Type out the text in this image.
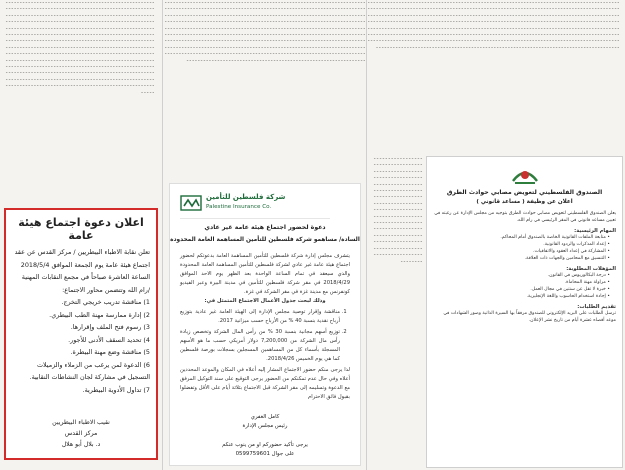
ـ ـ ـ ـ ـ ـ ـ ـ ـ ـ ـ ـ ـ ـ ـ ـ ـ ـ ـ ـ ـ ـ ـ ـ ـ ـ ـ ـ ـ ـ ـ ـ ـ ـ ـ ـ ـ ـ ـ ـ ـ ـ ـ ـ ـ ـ ـ ـ ـ ـ ـ ـ ـ ـ ـ ـ ـ ـ ـ ـ ـ ـ ـ ـ ـ ـ ـ ـ ـ ـ ـ ـ ـ ـ ـ ـ ـ ـ ـ ـ ـ ـ ـ ـ ـ ـ ـ ـ ـ ـ ـ ـ ـ ـ ـ ـ ـ ـ ـ ـ ـ ـ ـ ـ ـ ـ ـ ـ ـ ـ ـ ـ ـ ـ ـ ـ ـ ـ ـ ـ ـ ـ ـ ـ ـ ـ ـ ـ ـ ـ ـ ـ ـ ـ ـ ـ ـ ـ ـ ـ ـ ـ ـ ـ ـ ـ ـ ـ ـ ـ ـ ـ ـ ـ ـ ـ ـ ـ ـ ـ ـ ـ ـ ـ ـ ـ ـ ـ ـ ـ ـ ـ ـ ـ ـ ـ ـ ـ ـ ـ ـ ـ ـ ـ ـ ـ ـ ـ ـ ـ ـ ـ ـ ـ ـ ـ ـ ـ ـ ـ ـ ـ ـ ـ ـ ـ ـ ـ ـ ـ ـ ـ ـ ـ ـ ـ ـ ـ ـ ـ ـ ـ ـ ـ ـ ـ ـ ـ ـ ـ ـ ـ ـ ـ ـ ـ ـ ـ ـ ـ ـ ـ ـ ـ ـ ـ ـ ـ ـ ـ ـ ـ ـ ـ ـ ـ ـ ـ ـ ـ ـ ـ ـ ـ ـ ـ ـ ـ ـ ـ ـ ـ ـ ـ ـ ـ ـ ـ ـ ـ ـ ـ ـ ـ ـ ـ ـ ـ ـ ـ ـ ـ ـ ـ ـ ـ ـ ـ ـ ـ ـ ـ ـ ـ ـ ـ ـ ـ ـ ـ ـ ـ ـ ـ ـ ـ ـ ـ ـ ـ ـ ـ ـ ـ ـ ـ ـ ـ ـ ـ ـ ـ ـ ـ ـ ـ ـ ـ ـ ـ ـ ـ ـ ـ ـ ـ ـ ـ ـ ـ ـ ـ ـ ـ ـ ـ ـ ـ ـ ـ ـ ـ ـ ـ ـ ـ ـ ـ ـ ـ ـ ـ ـ ـ ـ ـ ـ ـ ـ ـ ـ ـ ـ ـ ـ ـ ـ ـ ـ ـ ـ ـ ـ ـ ـ ـ ـ ـ ـ ـ ـ ـ ـ ـ ـ ـ ـ ـ ـ ـ ـ ـ ـ ـ ـ ـ ـ ـ ـ ـ ـ ـ ـ ـ ـ ـ ـ ـ ـ ـ ـ ـ ـ ـ ـ ـ ـ ـ ـ ـ ـ ـ ـ ـ ـ ـ ـ ـ ـ ـ ـ ـ ـ ـ ـ ـ ـ ـ ـ ـ ـ ـ ـ ـ ـ ـ ـ ـ ـ ـ ـ ـ ـ ـ ـ ـ ـ ـ ـ ـ ـ ـ ـ ـ ـ ـ ـ ـ ـ ـ ـ ـ ـ ـ ـ ـ ـ ـ ـ ـ ـ ـ ـ ـ ـ ـ ـ ـ ـ ـ ـ ـ ـ ـ ـ ـ ـ ـ ـ ـ ـ ـ ـ ـ ـ ـ ـ ـ ـ ـ ـ ـ ـ ـ ـ ـ ـ ـ ـ ـ ـ ـ ـ ـ ـ ـ ـ ـ ـ ـ ـ ـ ـ ـ ـ ـ ـ ـ ـ ـ ـ ـ ـ ـ ـ ـ ـ ـ ـ ـ ـ ـ ـ ـ ـ ـ ـ ـ ـ ـ ـ ـ ـ ـ ـ ـ ـ ـ ـ ـ ـ ـ ـ ـ ـ ـ ـ ـ ـ ـ ـ ـ ـ ـ ـ ـ ـ ـ ـ ـ ـ ـ ـ ـ ـ ـ ـ ـ ـ ـ ـ ـ ـ ـ ـ ـ ـ ـ ـ ـ ـ ـ ـ ـ ـ ـ ـ ـ ـ ـ ـ ـ ـ ـ ـ ـ ـ ـ ـ ـ ـ ـ ـ ـ ـ ـ ـ ـ ـ ـ ـ ـ ـ ـ ـ ـ ـ ـ ـ ـ ـ ـ ـ ـ ـ ـ ـ ـ ـ ـ ـ ـ ـ ـ ـ ـ ـ ـ ـ ـ ـ ـ ـ ـ ـ ـ ـ ـ ـ ـ ـ ـ ـ ـ ـ ـ ـ ـ ـ ـ

ـ ـ ـ ـ ـ ـ ـ ـ ـ ـ ـ ـ ـ ـ ـ ـ ـ ـ ـ ـ ـ ـ ـ ـ ـ ـ ـ ـ ـ ـ ـ ـ ـ ـ ـ ـ ـ ـ ـ ـ ـ ـ ـ ـ ـ ـ ـ ـ ـ ـ ـ ـ ـ ـ ـ ـ ـ ـ ـ ـ ـ ـ ـ ـ ـ ـ ـ ـ ـ ـ ـ ـ ـ ـ ـ ـ ـ ـ ـ ـ ـ ـ ـ ـ ـ ـ ـ ـ ـ ـ ـ ـ ـ ـ ـ ـ ـ ـ ـ ـ ـ ـ ـ ـ ـ ـ ـ ـ ـ ـ ـ ـ ـ ـ ـ ـ ـ ـ ـ ـ ـ ـ ـ ـ ـ ـ ـ ـ ـ ـ ـ ـ ـ ـ ـ ـ ـ ـ ـ ـ ـ ـ ـ ـ ـ ـ ـ ـ ـ ـ ـ ـ ـ ـ ـ ـ ـ ـ ـ ـ ـ ـ ـ ـ ـ ـ ـ ـ ـ ـ ـ ـ ـ ـ ـ ـ ـ ـ ـ ـ ـ ـ ـ ـ ـ ـ ـ ـ ـ ـ ـ ـ ـ ـ ـ ـ ـ ـ ـ ـ ـ ـ ـ ـ ـ ـ ـ ـ ـ ـ ـ ـ ـ ـ ـ ـ ـ ـ ـ ـ ـ ـ ـ ـ ـ ـ ـ ـ ـ ـ ـ ـ ـ ـ ـ ـ ـ ـ ـ ـ ـ ـ ـ ـ ـ ـ ـ ـ ـ ـ ـ ـ ـ ـ ـ ـ ـ ـ ـ ـ ـ ـ ـ ـ ـ ـ ـ ـ ـ ـ ـ ـ ـ ـ ـ ـ ـ ـ ـ ـ

الصندوق الفلسطيني لتعويض مصابي حوادث الطرق
اعلان عن وظيفة ( مساعد قانوني )
يعلن الصندوق الفلسطيني لتعويض مصابي حوادث الطرق بتوجيه من مجلس الإدارة عن رغبته في تعيين مساعد قانوني في المقر الرئيسي في رام الله.
المهام الرئيسية:
• متابعة الملفات القانونية الخاصة بالصندوق أمام المحاكم.
• إعداد المذكرات والردود القانونية.
• المشاركة في إعداد العقود والاتفاقيات.
• التنسيق مع المحامين والجهات ذات العلاقة.
المؤهلات المطلوبة:
• درجة البكالوريوس في القانون.
• مزاولة مهنة المحاماة.
• خبرة لا تقل عن سنتين في مجال العمل.
• إجادة استخدام الحاسوب واللغة الإنجليزية.
تقديم الطلبات:
ترسل الطلبات على البريد الإلكتروني للصندوق مرفقاً بها السيرة الذاتية وصور الشهادات في موعد أقصاه عشرة أيام من تاريخ نشر الإعلان.

ـ ـ ـ ـ ـ ـ ـ ـ ـ ـ ـ ـ ـ ـ ـ ـ ـ ـ ـ ـ ـ ـ ـ ـ ـ ـ ـ ـ ـ ـ ـ ـ ـ ـ ـ ـ ـ ـ ـ ـ ـ ـ ـ ـ ـ ـ ـ ـ ـ ـ ـ ـ ـ ـ ـ ـ ـ ـ ـ ـ ـ ـ ـ ـ ـ ـ ـ ـ ـ ـ ـ ـ ـ ـ ـ ـ ـ ـ ـ ـ ـ ـ ـ ـ ـ ـ ـ ـ ـ ـ ـ ـ ـ ـ ـ ـ ـ ـ ـ ـ ـ ـ ـ ـ ـ ـ ـ ـ ـ ـ ـ ـ ـ ـ ـ ـ ـ ـ ـ ـ ـ ـ ـ ـ ـ ـ ـ ـ ـ ـ ـ ـ ـ ـ ـ ـ ـ ـ ـ ـ ـ ـ ـ ـ ـ ـ ـ ـ ـ ـ ـ ـ ـ ـ ـ ـ ـ ـ ـ ـ ـ ـ ـ ـ ـ ـ ـ ـ ـ ـ ـ ـ ـ ـ ـ ـ ـ ـ ـ ـ ـ ـ ـ ـ ـ ـ ـ ـ ـ ـ ـ ـ ـ ـ ـ ـ ـ ـ ـ ـ ـ ـ ـ ـ ـ ـ ـ ـ ـ ـ ـ ـ ـ ـ ـ ـ ـ ـ ـ ـ ـ ـ ـ ـ ـ ـ ـ ـ ـ ـ ـ ـ ـ ـ ـ ـ ـ ـ ـ ـ ـ ـ ـ ـ ـ ـ ـ ـ ـ ـ ـ ـ ـ ـ ـ ـ ـ ـ ـ ـ ـ ـ ـ ـ ـ ـ ـ ـ ـ ـ ـ ـ ـ ـ ـ ـ ـ ـ ـ ـ ـ ـ ـ ـ ـ ـ ـ ـ ـ ـ ـ ـ ـ ـ ـ ـ ـ ـ ـ ـ ـ ـ ـ ـ ـ ـ ـ ـ ـ ـ ـ ـ ـ ـ ـ ـ ـ ـ ـ ـ ـ ـ ـ ـ ـ ـ ـ ـ ـ ـ ـ ـ ـ ـ ـ ـ ـ ـ ـ ـ ـ ـ ـ ـ ـ ـ ـ ـ ـ ـ ـ ـ ـ ـ ـ ـ ـ ـ ـ ـ ـ ـ ـ ـ ـ ـ ـ ـ ـ ـ ـ ـ ـ ـ ـ ـ ـ ـ ـ ـ ـ ـ ـ ـ ـ ـ ـ ـ ـ ـ ـ ـ ـ ـ ـ ـ ـ ـ ـ ـ ـ ـ ـ ـ ـ ـ ـ ـ ـ ـ ـ ـ ـ ـ ـ ـ ـ ـ ـ ـ ـ ـ ـ ـ ـ ـ ـ ـ ـ ـ ـ ـ ـ ـ ـ ـ ـ ـ ـ ـ ـ ـ ـ ـ ـ ـ ـ ـ ـ ـ ـ ـ ـ ـ ـ ـ ـ ـ ـ ـ ـ ـ ـ ـ ـ ـ ـ ـ ـ ـ ـ ـ ـ ـ ـ ـ ـ ـ ـ ـ ـ ـ ـ ـ ـ ـ ـ ـ ـ ـ ـ ـ ـ ـ ـ ـ ـ ـ ـ ـ ـ ـ ـ ـ ـ ـ ـ ـ ـ ـ ـ ـ ـ ـ ـ ـ ـ ـ ـ ـ ـ ـ ـ ـ ـ ـ ـ ـ ـ ـ ـ ـ ـ ـ ـ ـ ـ ـ ـ ـ ـ ـ ـ ـ ـ ـ ـ ـ ـ ـ ـ ـ ـ ـ ـ ـ ـ ـ ـ ـ ـ ـ ـ ـ ـ ـ ـ ـ ـ ـ ـ ـ ـ ـ ـ ـ ـ ـ ـ ـ ـ ـ ـ ـ ـ ـ ـ ـ ـ ـ ـ ـ ـ ـ ـ ـ ـ ـ ـ ـ ـ ـ ـ ـ ـ ـ ـ ـ ـ ـ ـ ـ ـ ـ ـ ـ ـ ـ ـ ـ ـ ـ ـ ـ ـ ـ ـ ـ ـ ـ ـ ـ ـ ـ ـ ـ ـ ـ ـ ـ ـ ـ ـ ـ ـ ـ ـ ـ ـ ـ ـ ـ ـ ـ ـ ـ ـ ـ ـ ـ ـ ـ ـ ـ ـ ـ ـ ـ ـ ـ ـ ـ ـ ـ ـ ـ ـ ـ ـ ـ ـ ـ ـ ـ ـ ـ ـ ـ ـ ـ ـ ـ ـ ـ ـ ـ ـ ـ ـ ـ ـ ـ ـ

شركة فلسطين للتأمين
Palestine Insurance Co.
دعوة لحضور اجتماع هيئة عامة غير عادي
السادة/ مساهمو شركة فلسطين للتأمين المساهمة العامة المحدودة
يتشرف مجلس إدارة شركة فلسطين للتأمين المساهمة العامة بدعوتكم لحضور اجتماع هيئة عامة غير عادي لشركة فلسطين للتأمين المساهمة العامة المحدودة والذي سيعقد في تمام الساعة الواحدة بعد الظهر يوم الاحد الموافق 2018/4/29 في مقر شركة فلسطين للتأمين في مدينة البيرة وعبر الفيديو كونفرنس مع مدينة غزة في مقر الشركة في غزة.
وذلك لبحث جدول الأعمال الاجتماع المتمثل في:
1. مناقشة وإقرار توصية مجلس الإدارة إلى الهيئة العامة غير عادية بتوزيع أرباح نقدية بنسبة 40 % من الأرباح حسب ميزانية 2017.
2. توزيع أسهم مجانية بنسبة 30 % من رأس المال الشركة وتخصص زيادة رأس مال الشركة من 7,200,000 دولار أمريكي حسب ما هو الأسهم المسجلة بأسماء كل من المساهمين المسجلين بسجلات بورصة فلسطين كما هي يوم الخميس 2018/4/26.
لذا يرجى منكم حضور الاجتماع المشار إليه أعلاه في المكان والموعد المحددين أعلاه وفي حال عدم تمكنكم من الحضور يرجى التوقيع على سند التوكيل المرفق مع الدعوة وتسليمه إلى مقر الشركة قبل الاجتماع بثلاثة أيام على الأقل وتفضلوا بقبول فائق الاحترام
كامل الغفري
رئيس مجلس الإدارة
يرجى تأكيد حضوركم او من ينوب عنكم
على جوال 0599759601

ـ ـ ـ ـ ـ ـ ـ ـ ـ ـ ـ ـ ـ ـ ـ ـ ـ ـ ـ ـ ـ ـ ـ ـ ـ ـ ـ ـ ـ ـ ـ ـ ـ ـ ـ ـ ـ ـ ـ ـ ـ ـ ـ ـ ـ ـ ـ ـ ـ ـ ـ ـ ـ ـ ـ ـ ـ ـ ـ ـ ـ ـ ـ ـ ـ ـ ـ ـ ـ ـ ـ ـ ـ ـ ـ ـ ـ ـ ـ ـ ـ ـ ـ ـ ـ ـ ـ ـ ـ ـ ـ ـ ـ ـ ـ ـ ـ ـ ـ ـ ـ ـ ـ ـ ـ ـ ـ ـ ـ ـ ـ ـ ـ ـ ـ ـ ـ ـ ـ ـ ـ ـ ـ ـ ـ ـ ـ ـ ـ ـ ـ ـ ـ ـ ـ ـ ـ ـ ـ ـ ـ ـ ـ ـ ـ ـ ـ ـ ـ ـ ـ ـ ـ ـ ـ ـ ـ ـ ـ ـ ـ ـ ـ ـ ـ ـ ـ ـ ـ ـ ـ ـ ـ ـ ـ ـ ـ ـ ـ ـ ـ ـ ـ ـ ـ ـ ـ ـ ـ ـ ـ ـ ـ ـ ـ ـ ـ ـ ـ ـ ـ ـ ـ ـ ـ ـ ـ ـ ـ ـ ـ ـ ـ ـ ـ ـ ـ ـ ـ ـ ـ ـ ـ ـ ـ ـ ـ ـ ـ ـ ـ ـ ـ ـ ـ ـ ـ ـ ـ ـ ـ ـ ـ ـ ـ ـ ـ ـ ـ ـ ـ ـ ـ ـ ـ ـ ـ ـ ـ ـ ـ ـ ـ ـ ـ ـ ـ ـ ـ ـ ـ ـ ـ ـ ـ ـ ـ ـ ـ ـ ـ ـ ـ ـ ـ ـ ـ ـ ـ ـ ـ ـ ـ ـ ـ ـ ـ ـ ـ ـ ـ ـ ـ ـ ـ ـ ـ ـ ـ ـ ـ ـ ـ ـ ـ ـ ـ ـ ـ ـ ـ ـ ـ ـ ـ ـ ـ ـ ـ ـ ـ ـ ـ ـ ـ ـ ـ ـ ـ ـ ـ ـ ـ ـ ـ ـ ـ ـ ـ ـ ـ ـ ـ ـ ـ ـ ـ ـ ـ ـ ـ ـ ـ ـ ـ ـ ـ ـ ـ ـ ـ ـ ـ ـ ـ ـ ـ ـ ـ ـ ـ ـ ـ ـ ـ ـ ـ ـ ـ ـ ـ ـ ـ ـ ـ ـ ـ ـ ـ ـ ـ ـ ـ ـ ـ ـ ـ ـ ـ ـ ـ ـ ـ ـ ـ ـ ـ ـ ـ ـ ـ ـ ـ ـ ـ ـ ـ ـ ـ ـ ـ ـ ـ ـ ـ ـ ـ ـ ـ ـ ـ ـ ـ ـ ـ ـ ـ ـ ـ ـ ـ ـ ـ ـ ـ ـ ـ ـ ـ ـ ـ ـ ـ ـ ـ ـ ـ ـ ـ ـ ـ ـ ـ ـ ـ ـ ـ ـ ـ ـ ـ ـ ـ ـ ـ ـ ـ ـ ـ ـ ـ ـ ـ ـ ـ ـ ـ ـ ـ ـ ـ ـ ـ ـ ـ ـ ـ ـ ـ ـ ـ ـ ـ ـ ـ ـ ـ ـ ـ ـ ـ ـ ـ ـ ـ ـ ـ ـ ـ ـ ـ ـ ـ ـ ـ ـ ـ ـ ـ ـ ـ ـ ـ ـ ـ ـ ـ ـ ـ ـ ـ ـ ـ ـ ـ ـ ـ ـ ـ ـ ـ ـ ـ ـ ـ ـ ـ ـ ـ ـ ـ ـ ـ ـ ـ ـ ـ ـ ـ ـ ـ ـ ـ ـ ـ ـ ـ ـ ـ ـ ـ ـ ـ ـ ـ ـ ـ ـ ـ ـ ـ ـ ـ ـ ـ ـ ـ ـ ـ ـ ـ ـ ـ ـ ـ ـ ـ ـ ـ ـ ـ ـ ـ ـ ـ ـ ـ ـ ـ ـ ـ ـ ـ ـ ـ ـ ـ ـ ـ ـ ـ ـ ـ ـ ـ ـ ـ ـ ـ ـ ـ ـ ـ ـ ـ ـ ـ ـ ـ ـ ـ ـ ـ ـ ـ ـ ـ ـ ـ ـ ـ ـ ـ ـ ـ ـ ـ ـ ـ ـ ـ ـ ـ ـ ـ ـ ـ ـ ـ ـ ـ ـ ـ ـ ـ ـ ـ ـ ـ ـ ـ ـ ـ ـ ـ ـ ـ ـ ـ ـ ـ ـ ـ ـ ـ ـ ـ ـ ـ ـ ـ ـ ـ ـ ـ ـ ـ ـ ـ ـ ـ ـ ـ ـ ـ ـ ـ ـ ـ ـ ـ ـ ـ ـ ـ ـ ـ

اعلان دعوة اجتماع هيئة عامة
تعلن نقابة الاطباء البيطريين / مركز القدس عن عقد
اجتماع هيئة عامة يوم الجمعة الموافق 2018/5/4
الساعة العاشرة صباحاً في مجمع النقابات المهنية
/رام الله وتتضمن محاور الاجتماع:
1) مناقشة تدريب خريجي التخرج.
2) إدارة ممارسة مهنة الطب البيطري.
3) رسوم فتح الملف وإقرارها.
4) تحديد السقف الأدنى للأجور.
5) مناقشة وضع مهنة البيطرة.
6) الدعوة لمن يرغب من الزملاء والزميلات
التسجيل في مشاركة لجان النشاطات النقابية.
7) تداول الأدوية البيطرية.
نقيب الاطباء البيطريين
مركز القدس
د. بلال أبو هلال
